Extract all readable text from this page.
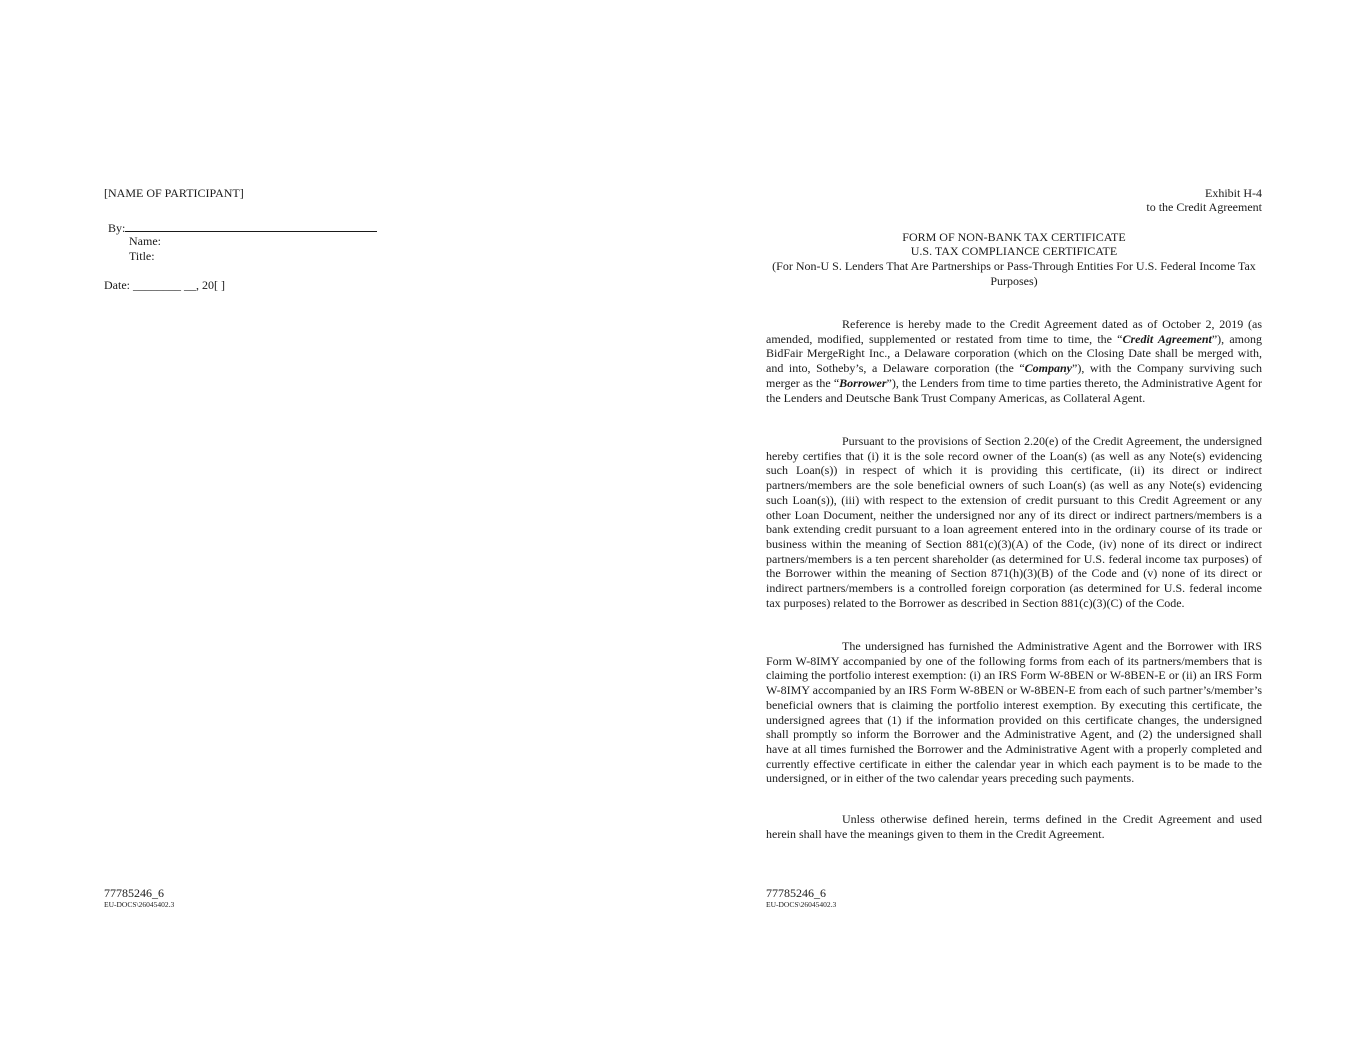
[NAME OF PARTICIPANT]
By:
Name:
Title:
Date: ________ __, 20[ ]
77785246_6
EU-DOCS\26045402.3
Exhibit H-4
to the Credit Agreement
FORM OF NON-BANK TAX CERTIFICATE
U.S. TAX COMPLIANCE CERTIFICATE
(For Non-U S. Lenders That Are Partnerships or Pass-Through Entities For U.S. Federal Income Tax Purposes)

Reference is hereby made to the Credit Agreement dated as of October 2, 2019 (as amended, modified, supplemented or restated from time to time, the “Credit Agreement”), among BidFair MergeRight Inc., a Delaware corporation (which on the Closing Date shall be merged with, and into, Sotheby’s, a Delaware corporation (the “Company”), with the Company surviving such merger as the “Borrower”), the Lenders from time to time parties thereto, the Administrative Agent for the Lenders and Deutsche Bank Trust Company Americas, as Collateral Agent.

Pursuant to the provisions of Section 2.20(e) of the Credit Agreement, the undersigned hereby certifies that (i) it is the sole record owner of the Loan(s) (as well as any Note(s) evidencing such Loan(s)) in respect of which it is providing this certificate, (ii) its direct or indirect partners/members are the sole beneficial owners of such Loan(s) (as well as any Note(s) evidencing such Loan(s)), (iii) with respect to the extension of credit pursuant to this Credit Agreement or any other Loan Document, neither the undersigned nor any of its direct or indirect partners/members is a bank extending credit pursuant to a loan agreement entered into in the ordinary course of its trade or business within the meaning of Section 881(c)(3)(A) of the Code, (iv) none of its direct or indirect partners/members is a ten percent shareholder (as determined for U.S. federal income tax purposes) of the Borrower within the meaning of Section 871(h)(3)(B) of the Code and (v) none of its direct or indirect partners/members is a controlled foreign corporation (as determined for U.S. federal income tax purposes) related to the Borrower as described in Section 881(c)(3)(C) of the Code.

The undersigned has furnished the Administrative Agent and the Borrower with IRS Form W-8IMY accompanied by one of the following forms from each of its partners/members that is claiming the portfolio interest exemption: (i) an IRS Form W-8BEN or W-8BEN-E or (ii) an IRS Form W-8IMY accompanied by an IRS Form W-8BEN or W-8BEN-E from each of such partner’s/member’s beneficial owners that is claiming the portfolio interest exemption. By executing this certificate, the undersigned agrees that (1) if the information provided on this certificate changes, the undersigned shall promptly so inform the Borrower and the Administrative Agent, and (2) the undersigned shall have at all times furnished the Borrower and the Administrative Agent with a properly completed and currently effective certificate in either the calendar year in which each payment is to be made to the undersigned, or in either of the two calendar years preceding such payments.

Unless otherwise defined herein, terms defined in the Credit Agreement and used herein shall have the meanings given to them in the Credit Agreement.

77785246_6
EU-DOCS\26045402.3
